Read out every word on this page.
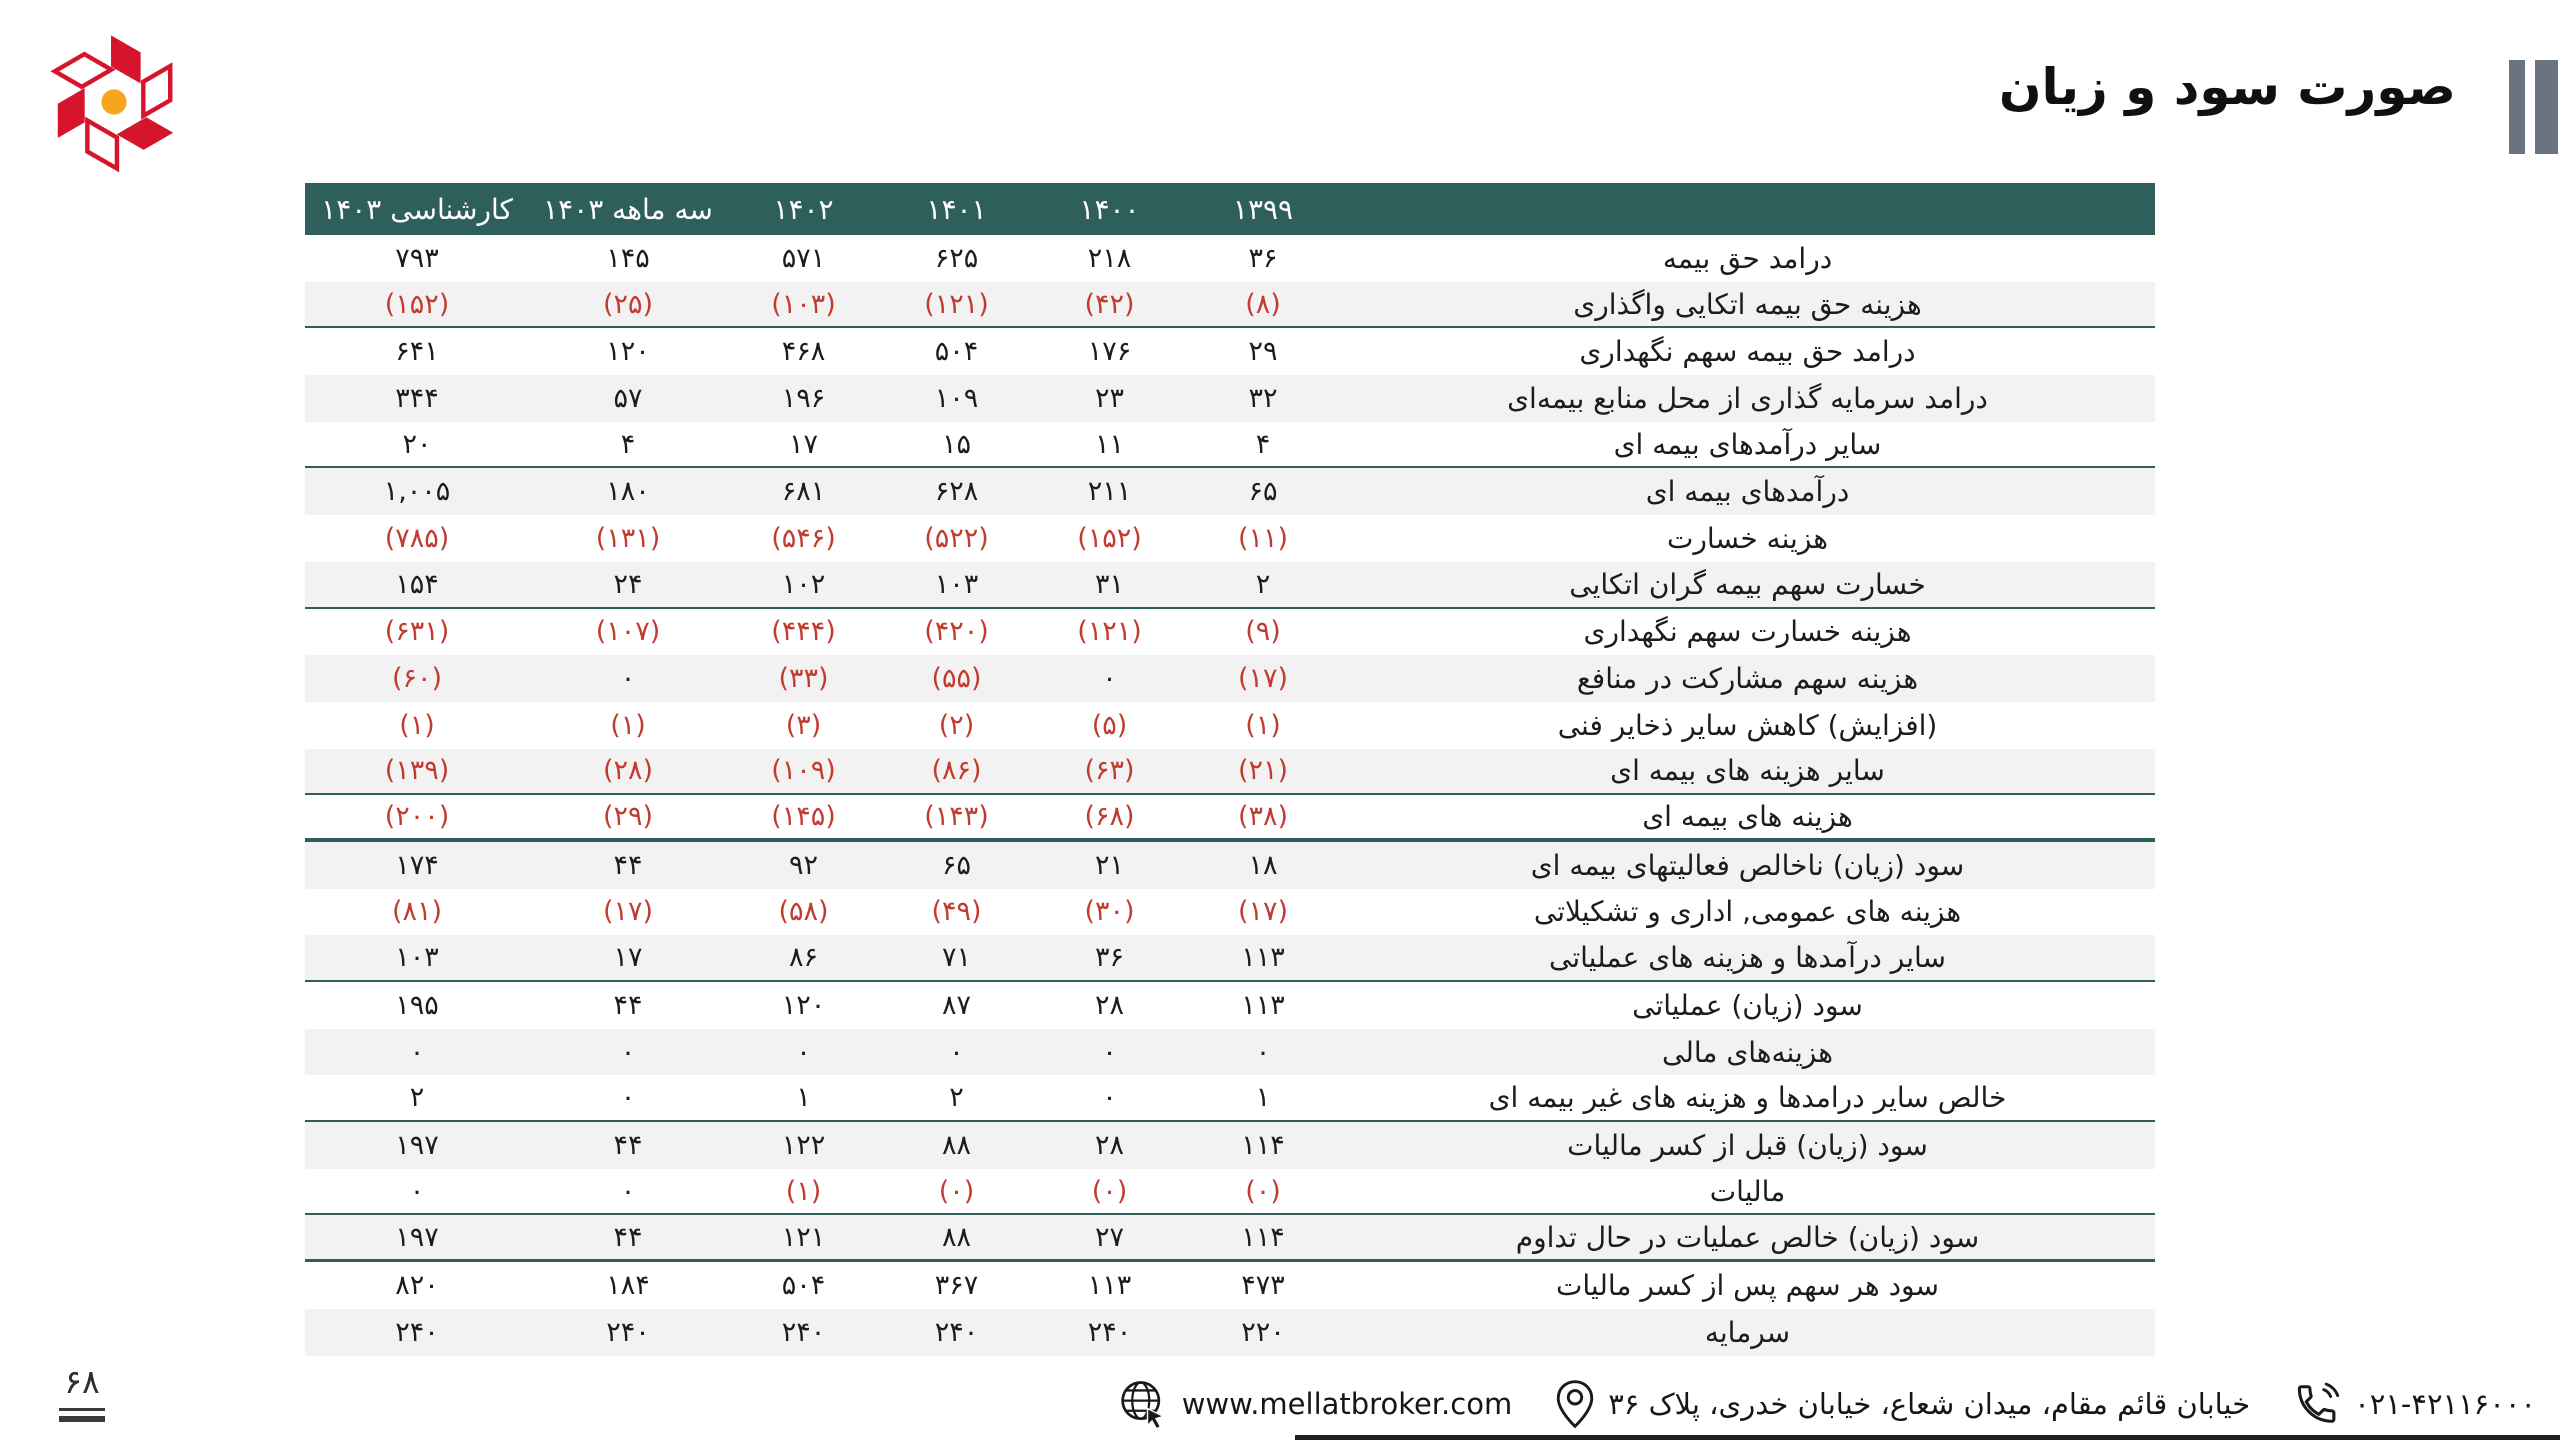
صورت سود و زیان
۱۳۹۹
۱۴۰۰
۱۴۰۱
۱۴۰۲
سه ماهه ۱۴۰۳
کارشناسی ۱۴۰۳
درامد حق بیمه
۳۶
۲۱۸
۶۲۵
۵۷۱
۱۴۵
۷۹۳
هزینه حق بیمه اتکایی واگذاری
(۸)
(۴۲)
(۱۲۱)
(۱۰۳)
(۲۵)
(۱۵۲)
درامد حق بیمه سهم نگهداری
۲۹
۱۷۶
۵۰۴
۴۶۸
۱۲۰
۶۴۱
درامد سرمایه گذاری از محل منابع بیمه‌ای
۳۲
۲۳
۱۰۹
۱۹۶
۵۷
۳۴۴
سایر درآمدهای بیمه ای
۴
۱۱
۱۵
۱۷
۴
۲۰
درآمدهای بیمه ای
۶۵
۲۱۱
۶۲۸
۶۸۱
۱۸۰
۱,۰۰۵
هزینه خسارت
(۱۱)
(۱۵۲)
(۵۲۲)
(۵۴۶)
(۱۳۱)
(۷۸۵)
خسارت سهم بیمه گران اتکایی
۲
۳۱
۱۰۳
۱۰۲
۲۴
۱۵۴
هزینه خسارت سهم نگهداری
(۹)
(۱۲۱)
(۴۲۰)
(۴۴۴)
(۱۰۷)
(۶۳۱)
هزینه سهم مشارکت در منافع
(۱۷)
۰
(۵۵)
(۳۳)
۰
(۶۰)
(افزایش) کاهش سایر ذخایر فنی
(۱)
(۵)
(۲)
(۳)
(۱)
(۱)
سایر هزینه های بیمه ای
(۲۱)
(۶۳)
(۸۶)
(۱۰۹)
(۲۸)
(۱۳۹)
هزینه های بیمه ای
(۳۸)
(۶۸)
(۱۴۳)
(۱۴۵)
(۲۹)
(۲۰۰)
سود (زیان) ناخالص فعالیتهای بیمه ای
۱۸
۲۱
۶۵
۹۲
۴۴
۱۷۴
هزینه های عمومی, اداری و تشکیلاتی
(۱۷)
(۳۰)
(۴۹)
(۵۸)
(۱۷)
(۸۱)
سایر درآمدها و هزینه های عملیاتی
۱۱۳
۳۶
۷۱
۸۶
۱۷
۱۰۳
سود (زیان) عملیاتی
۱۱۳
۲۸
۸۷
۱۲۰
۴۴
۱۹۵
هزینه‌های مالی
۰
۰
۰
۰
۰
۰
خالص سایر درامدها و هزینه های غیر بیمه ای
۱
۰
۲
۱
۰
۲
سود (زیان) قبل از کسر مالیات
۱۱۴
۲۸
۸۸
۱۲۲
۴۴
۱۹۷
مالیات
(۰)
(۰)
(۰)
(۱)
۰
۰
سود (زیان) خالص عملیات در حال تداوم
۱۱۴
۲۷
۸۸
۱۲۱
۴۴
۱۹۷
سود هر سهم پس از کسر مالیات
۴۷۳
۱۱۳
۳۶۷
۵۰۴
۱۸۴
۸۲۰
سرمایه
۲۲۰
۲۴۰
۲۴۰
۲۴۰
۲۴۰
۲۴۰
۶۸
۰۲۱-۴۲۱۱۶۰۰۰
خیابان قائم مقام، میدان شعاع، خیابان خدری، پلاک ۳۶
www.mellatbroker.com
